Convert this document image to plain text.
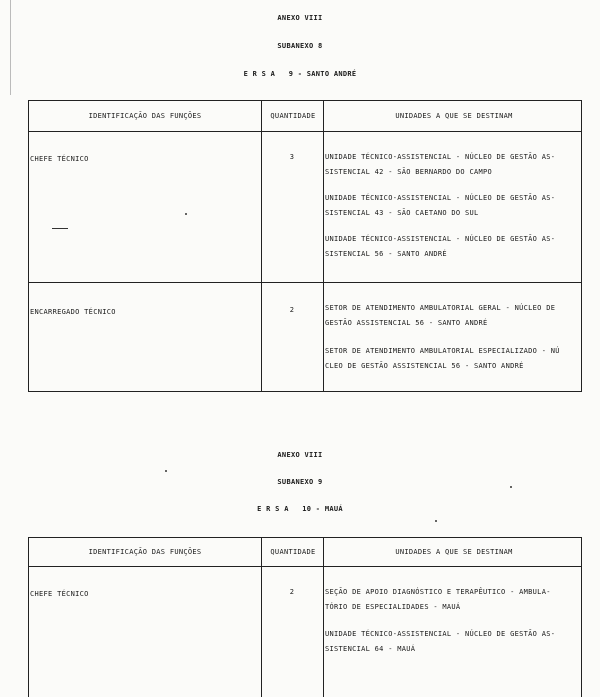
ANEXO VIII
SUBANEXO 8
E R S A   9 - SANTO ANDRÉ
IDENTIFICAÇÃO DAS FUNÇÕES	QUANTIDADE	UNIDADES A QUE SE DESTINAM
CHEFE TÉCNICO	3	UNIDADE TÉCNICO-ASSISTENCIAL - NÚCLEO DE GESTÃO AS-
SISTENCIAL 42 - SÃO BERNARDO DO CAMPO
UNIDADE TÉCNICO-ASSISTENCIAL - NÚCLEO DE GESTÃO AS-
SISTENCIAL 43 - SÃO CAETANO DO SUL
UNIDADE TÉCNICO-ASSISTENCIAL - NÚCLEO DE GESTÃO AS-
SISTENCIAL 56 - SANTO ANDRÉ
ENCARREGADO TÉCNICO	2	SETOR DE ATENDIMENTO AMBULATORIAL GERAL - NÚCLEO DE
GESTÃO ASSISTENCIAL 56 - SANTO ANDRÉ
SETOR DE ATENDIMENTO AMBULATORIAL ESPECIALIZADO - NÚ
CLEO DE GESTÃO ASSISTENCIAL 56 - SANTO ANDRÉ
ANEXO VIII
SUBANEXO 9
E R S A   10 - MAUÁ
IDENTIFICAÇÃO DAS FUNÇÕES	QUANTIDADE	UNIDADES A QUE SE DESTINAM
CHEFE TÉCNICO	2	SEÇÃO DE APOIO DIAGNÓSTICO E TERAPÊUTICO - AMBULA-
TÓRIO DE ESPECIALIDADES - MAUÁ
UNIDADE TÉCNICO-ASSISTENCIAL - NÚCLEO DE GESTÃO AS-
SISTENCIAL 64 - MAUÁ
